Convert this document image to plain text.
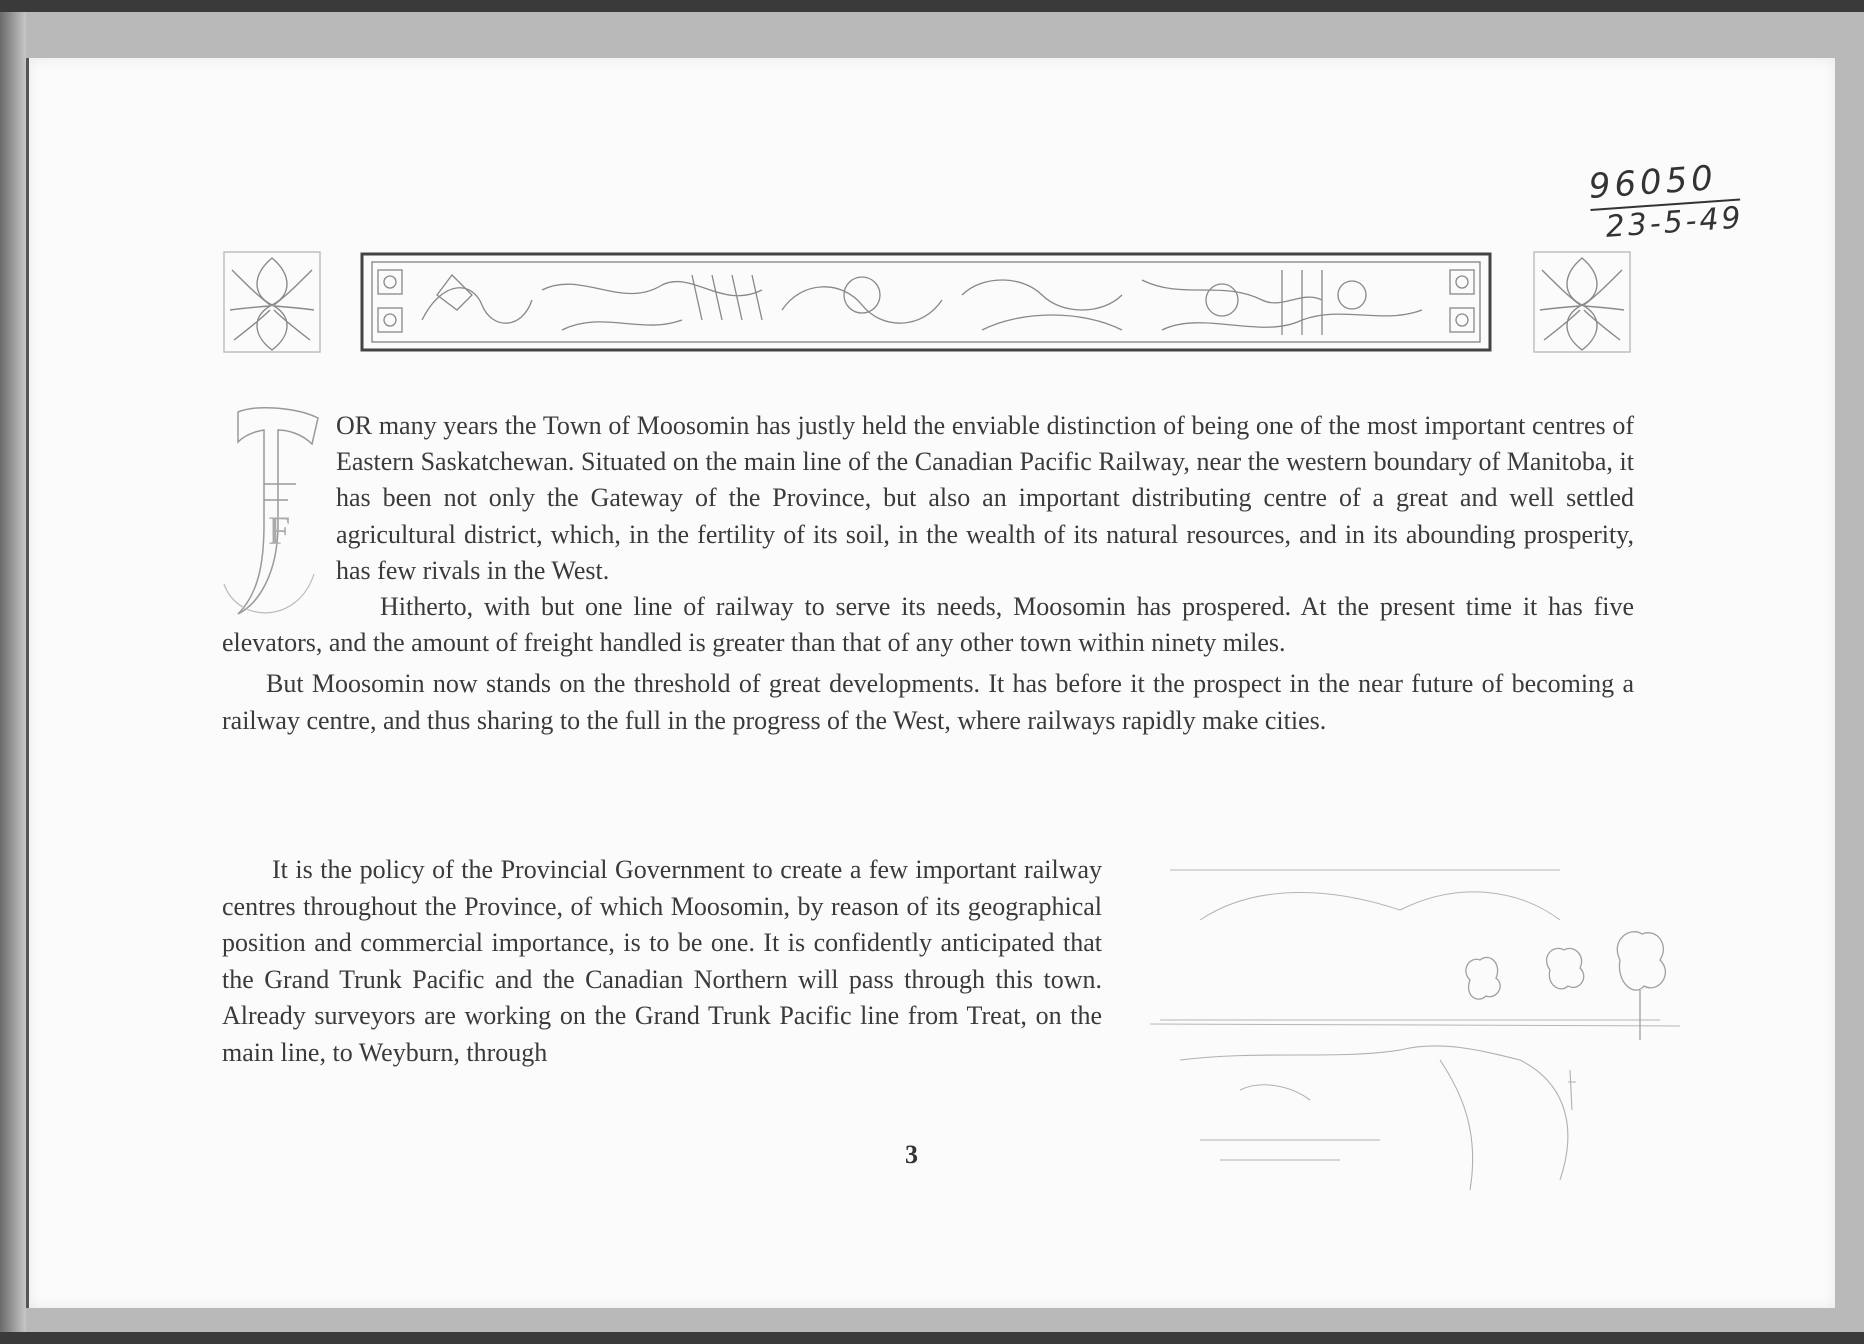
96050
23-5-49
F

OR many years the Town of Moosomin has justly held the enviable distinction of being one of the most important centres of Eastern Saskatchewan. Situated on the main line of the Canadian Pacific Railway, near the western boundary of Manitoba, it has been not only the Gateway of the Province, but also an important distributing centre of a great and well settled agricultural district, which, in the fertility of its soil, in the wealth of its natural resources, and in its abounding prosperity, has few rivals in the West.

Hitherto, with but one line of railway to serve its needs, Moosomin has prospered. At the present time it has five elevators, and the amount of freight handled is greater than that of any other town within ninety miles.

But Moosomin now stands on the threshold of great developments. It has before it the prospect in the near future of becoming a railway centre, and thus sharing to the full in the progress of the West, where railways rapidly make cities.

It is the policy of the Provincial Government to create a few important railway centres throughout the Province, of which Moosomin, by reason of its geographical position and commercial importance, is to be one. It is confidently anticipated that the Grand Trunk Pacific and the Canadian Northern will pass through this town. Already surveyors are working on the Grand Trunk Pacific line from Treat, on the main line, to Weyburn, through

3
